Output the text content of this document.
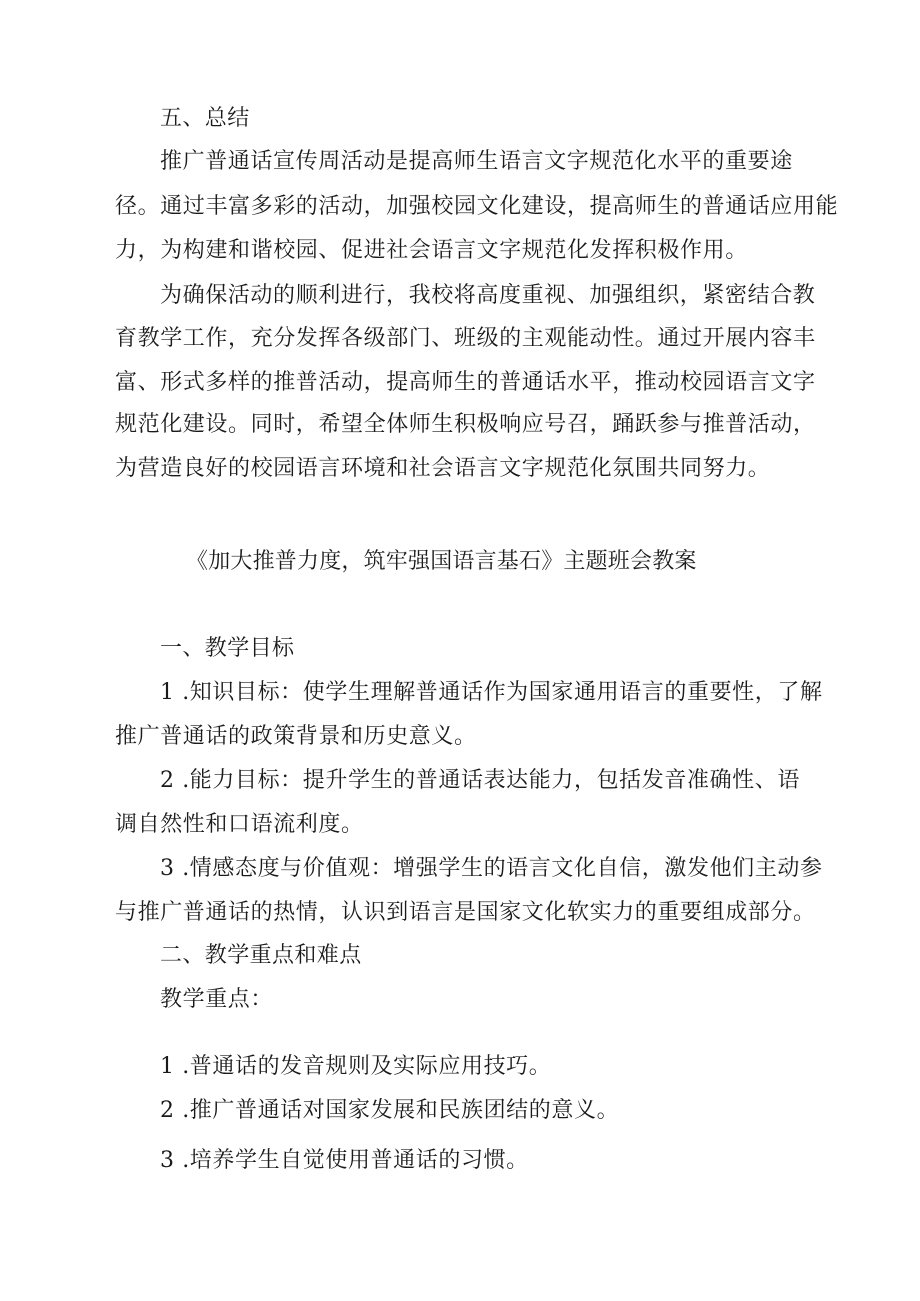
五、总结
推广普通话宣传周活动是提高师生语言文字规范化水平的重要途
径。通过丰富多彩的活动，加强校园文化建设，提高师生的普通话应用能
力，为构建和谐校园、促进社会语言文字规范化发挥积极作用。
为确保活动的顺利进行，我校将高度重视、加强组织，紧密结合教
育教学工作，充分发挥各级部门、班级的主观能动性。通过开展内容丰
富、形式多样的推普活动，提高师生的普通话水平，推动校园语言文字
规范化建设。同时，希望全体师生积极响应号召，踊跃参与推普活动，
为营造良好的校园语言环境和社会语言文字规范化氛围共同努力。
《加大推普力度，筑牢强国语言基石》主题班会教案
一、教学目标
1 .知识目标：使学生理解普通话作为国家通用语言的重要性，了解
推广普通话的政策背景和历史意义。
2 .能力目标：提升学生的普通话表达能力，包括发音准确性、语
调自然性和口语流利度。
3 .情感态度与价值观：增强学生的语言文化自信，激发他们主动参
与推广普通话的热情，认识到语言是国家文化软实力的重要组成部分。
二、教学重点和难点
教学重点：
1 .普通话的发音规则及实际应用技巧。
2 .推广普通话对国家发展和民族团结的意义。
3 .培养学生自觉使用普通话的习惯。
